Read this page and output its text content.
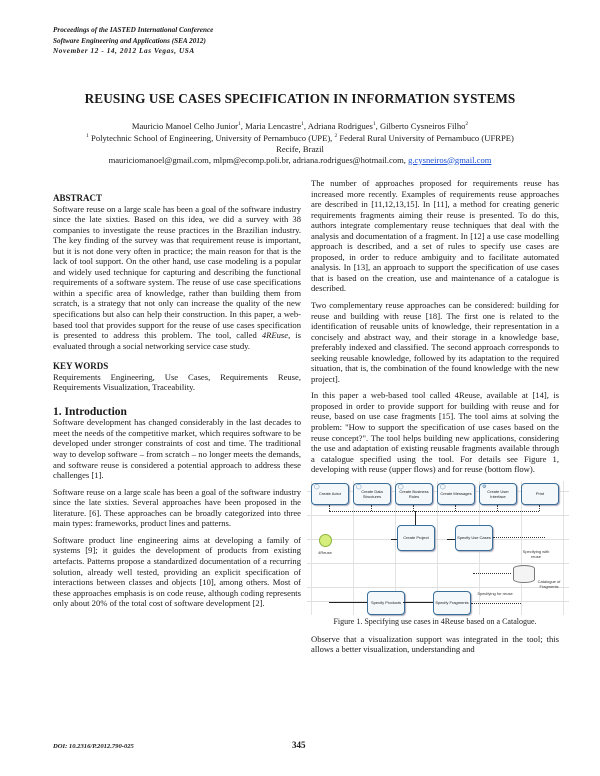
Proceedings of the IASTED International Conference
Software Engineering and Applications (SEA 2012)
November 12 - 14, 2012 Las Vegas, USA
REUSING USE CASES SPECIFICATION IN INFORMATION SYSTEMS
Mauricio Manoel Celho Junior$^1$, Maria Lencastre$^1$, Adriana Rodrigues$^1$, Gilberto Cysneiros Filho$^2$
$^1$ Polytechnic School of Engineering, University of Pernambuco (UPE), $^2$ Federal Rural University of Pernambuco (UFRPE)
Recife, Brazil
mauriciomanoel@gmail.com, mlpm@ecomp.poli.br, adriana.rodrigues@hotmail.com, g.cysneiros@gmail.com
ABSTRACT

Software reuse on a large scale has been a goal of the software industry since the late sixties. Based on this idea, we did a survey with 38 companies to investigate the reuse practices in the Brazilian industry. The key finding of the survey was that requirement reuse is important, but it is not done very often in practice; the main reason for that is the lack of tool support. On the other hand, use case modeling is a popular and widely used technique for capturing and describing the functional requirements of a software system. The reuse of use case specifications within a specific area of knowledge, rather than building them from scratch, is a strategy that not only can increase the quality of the new specifications but also can help their construction. In this paper, a web-based tool that provides support for the reuse of use cases specification is presented to address this problem. The tool, called 4REuse, is evaluated through a social networking service case study.

KEY WORDS

Requirements Engineering, Use Cases, Requirements Reuse, Requirements Visualization, Traceability.

1. Introduction

Software development has changed considerably in the last decades to meet the needs of the competitive market, which requires software to be developed under stronger constraints of cost and time. The traditional way to develop software – from scratch – no longer meets the demands, and software reuse is considered a potential approach to address these challenges [1].

Software reuse on a large scale has been a goal of the software industry since the late sixties. Several approaches have been proposed in the literature. [6]. These approaches can be broadly categorized into three main types: frameworks, product lines and patterns.

Software product line engineering aims at developing a family of systems [9]; it guides the development of products from existing artefacts. Patterns propose a standardized documentation of a recurring solution, already well tested, providing an explicit specification of interactions between classes and objects [10], among others. Most of these approaches emphasis is on code reuse, although coding represents only about 20% of the total cost of software development [2].

The number of approaches proposed for requirements reuse has increased more recently. Examples of requirements reuse approaches are described in [11,12,13,15]. In [11], a method for creating generic requirements fragments aiming their reuse is presented. To do this, authors integrate complementary reuse techniques that deal with the analysis and documentation of a fragment. In [12] a use case modelling approach is described, and a set of rules to specify use cases are proposed, in order to reduce ambiguity and to facilitate automated analysis. In [13], an approach to support the specification of use cases that is based on the creation, use and maintenance of a catalogue is described.

Two complementary reuse approaches can be considered: building for reuse and building with reuse [18]. The first one is related to the identification of reusable units of knowledge, their representation in a concisely and abstract way, and their storage in a knowledge base, preferably indexed and classified. The second approach corresponds to seeking reusable knowledge, followed by its adaptation to the required situation, that is, the combination of the found knowledge with the new project].

In this paper a web-based tool called 4Reuse, available at [14], is proposed in order to provide support for building with reuse and for reuse, based on use case fragments [15]. The tool aims at solving the problem: "How to support the specification of use cases based on the reuse concept?". The tool helps building new applications, considering the use and adaptation of existing reusable fragments available through a catalogue specified using the tool. For details see Figure 1, developing with reuse (upper flows) and for reuse (bottom flow).

◯
Create Actor
◯
Create Data Structures
◯
Create Business Rules
◯
Create Messages
⚙
Create User Interface	Print
4Reuse
Create Project	Specify Use Cases
Specifying with reuse
Catalogue of Fragments
Specify Products	Specify Fragments
Specifying for reuse
Figure 1. Specifying use cases in 4Reuse based on a Catalogue.

Observe that a visualization support was integrated in the tool; this allows a better visualization, understanding and

DOI: 10.2316/P.2012.790-025	345
